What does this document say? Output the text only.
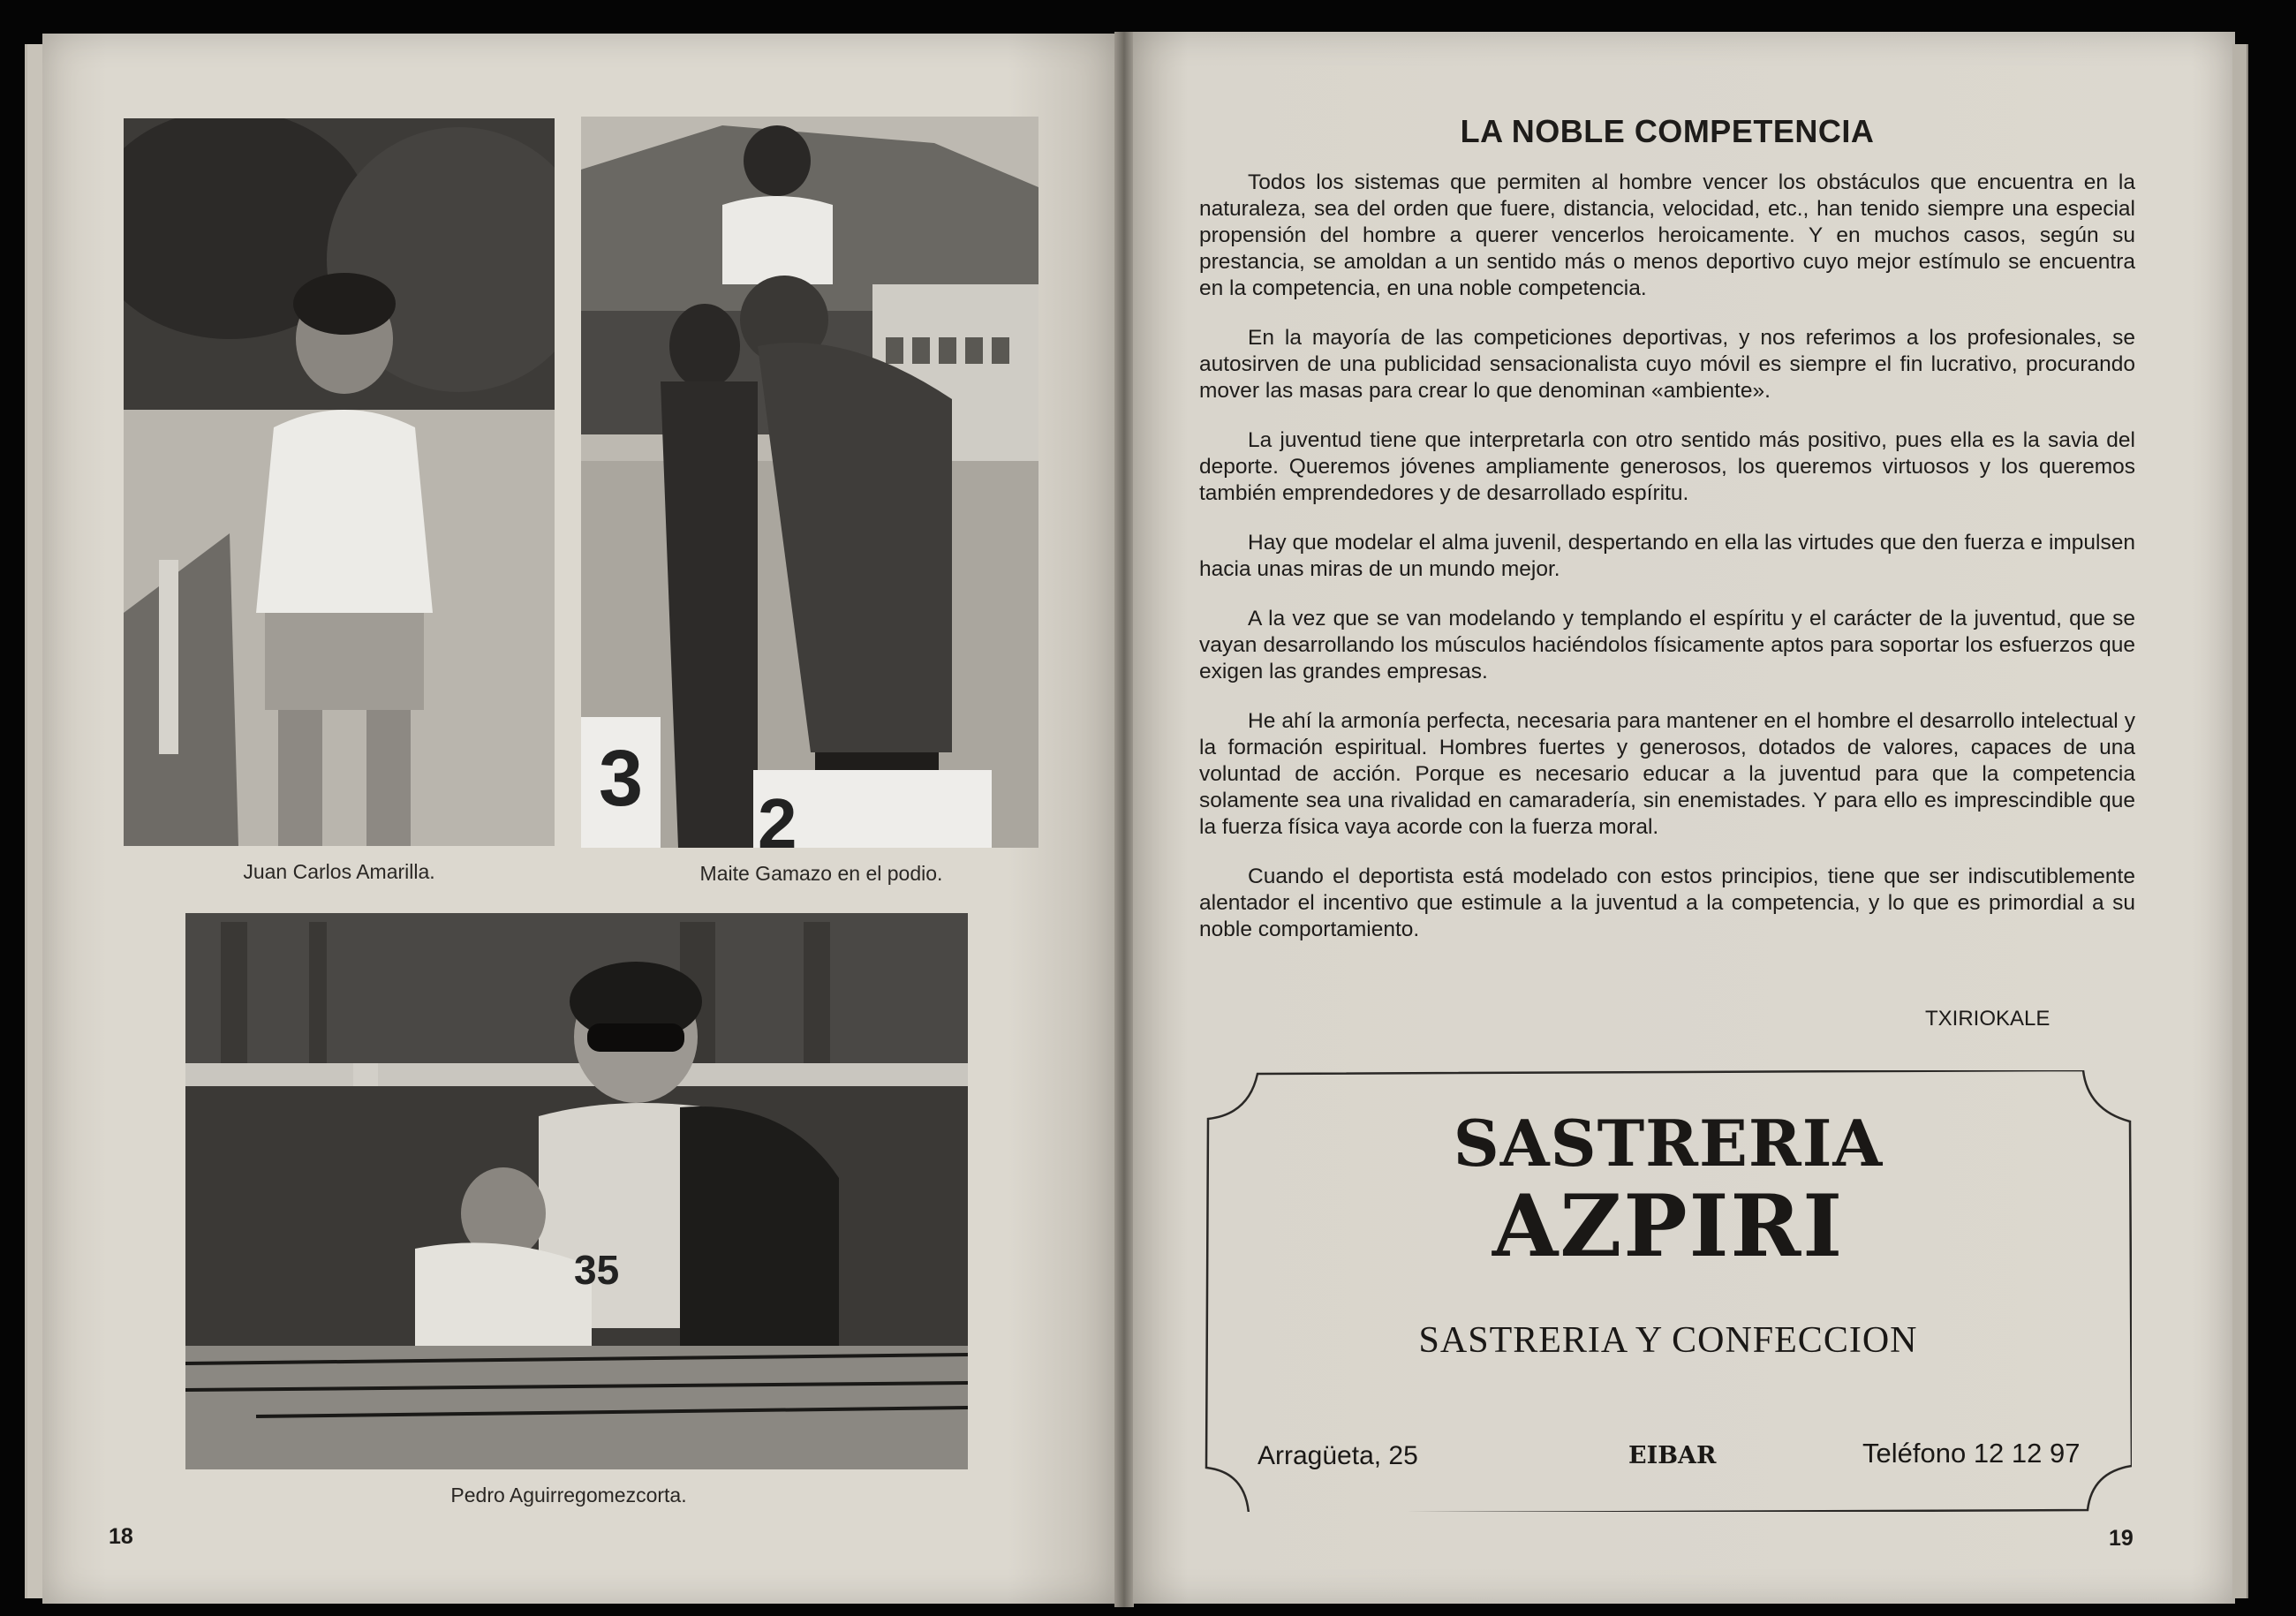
Juan Carlos Amarilla.
3
2
Maite Gamazo en el podio.
35
Pedro Aguirregomezcorta.
18
LA NOBLE COMPETENCIA

Todos los sistemas que permiten al hombre vencer los obstáculos que encuentra en la naturaleza, sea del orden que fuere, distancia, velocidad, etc., han tenido siempre una especial propensión del hombre a querer vencerlos heroicamente. Y en muchos casos, según su prestancia, se amoldan a un sentido más o menos deportivo cuyo mejor estímulo se encuentra en la competencia, en una noble competencia.

En la mayoría de las competiciones deportivas, y nos referimos a los profesionales, se autosirven de una publicidad sensacionalista cuyo móvil es siempre el fin lucrativo, procurando mover las masas para crear lo que denominan «ambiente».

La juventud tiene que interpretarla con otro sentido más positivo, pues ella es la savia del deporte. Queremos jóvenes ampliamente generosos, los queremos virtuosos y los queremos también emprendedores y de desarrollado espíritu.

Hay que modelar el alma juvenil, despertando en ella las virtudes que den fuerza e impulsen hacia unas miras de un mundo mejor.

A la vez que se van modelando y templando el espíritu y el carácter de la juventud, que se vayan desarrollando los músculos haciéndolos físicamente aptos para soportar los esfuerzos que exigen las grandes empresas.

He ahí la armonía perfecta, necesaria para mantener en el hombre el desarrollo intelectual y la formación espiritual. Hombres fuertes y generosos, dotados de valores, capaces de una voluntad de acción. Porque es necesario educar a la juventud para que la competencia solamente sea una rivalidad en camaradería, sin enemistades. Y para ello es imprescindible que la fuerza física vaya acorde con la fuerza moral.

Cuando el deportista está modelado con estos principios, tiene que ser indiscutiblemente alentador el incentivo que estimule a la juventud a la competencia, y lo que es primordial a su noble comportamiento.

TXIRIOKALE
SASTRERIA
AZPIRI
SASTRERIA Y CONFECCION
Arragüeta, 25	EIBAR	Teléfono 12 12 97
19
